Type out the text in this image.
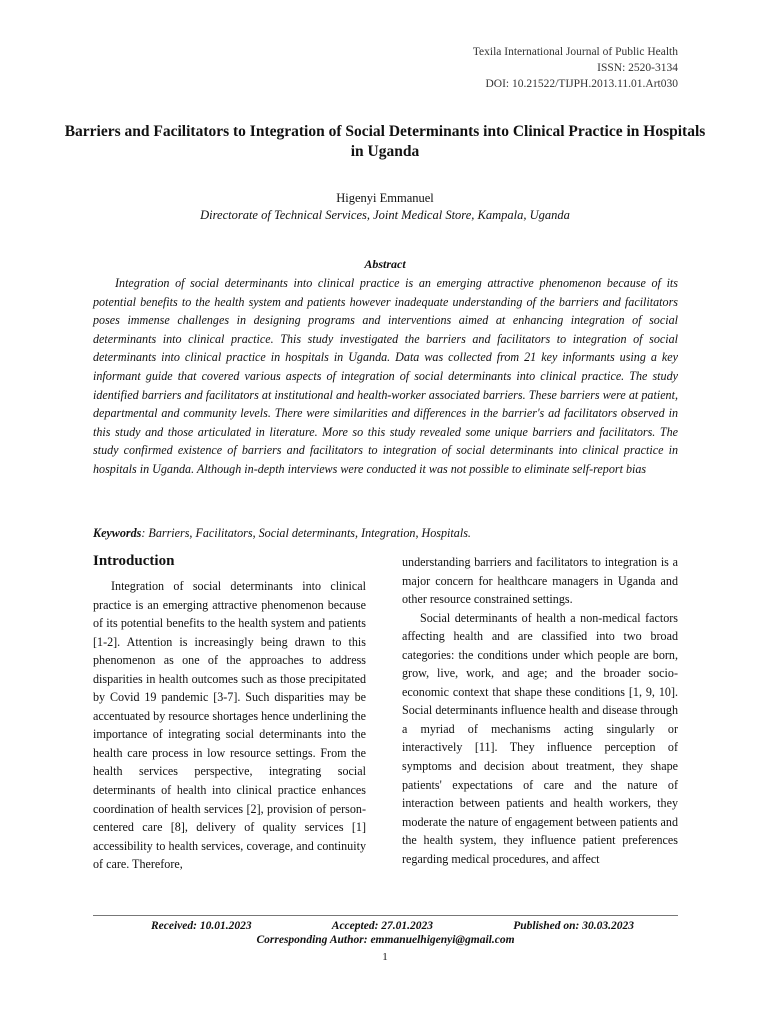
Texila International Journal of Public Health
ISSN: 2520-3134
DOI: 10.21522/TIJPH.2013.11.01.Art030
Barriers and Facilitators to Integration of Social Determinants into Clinical Practice in Hospitals in Uganda
Higenyi Emmanuel
Directorate of Technical Services, Joint Medical Store, Kampala, Uganda
Abstract

Integration of social determinants into clinical practice is an emerging attractive phenomenon because of its potential benefits to the health system and patients however inadequate understanding of the barriers and facilitators poses immense challenges in designing programs and interventions aimed at enhancing integration of social determinants into clinical practice. This study investigated the barriers and facilitators to integration of social determinants into clinical practice in hospitals in Uganda. Data was collected from 21 key informants using a key informant guide that covered various aspects of integration of social determinants into clinical practice. The study identified barriers and facilitators at institutional and health-worker associated barriers. These barriers were at patient, departmental and community levels. There were similarities and differences in the barrier's ad facilitators observed in this study and those articulated in literature. More so this study revealed some unique barriers and facilitators. The study confirmed existence of barriers and facilitators to integration of social determinants into clinical practice in hospitals in Uganda. Although in-depth interviews were conducted it was not possible to eliminate self-report bias

Keywords: Barriers, Facilitators, Social determinants, Integration, Hospitals.
Introduction

Integration of social determinants into clinical practice is an emerging attractive phenomenon because of its potential benefits to the health system and patients [1-2]. Attention is increasingly being drawn to this phenomenon as one of the approaches to address disparities in health outcomes such as those precipitated by Covid 19 pandemic [3-7]. Such disparities may be accentuated by resource shortages hence underlining the importance of integrating social determinants into the health care process in low resource settings. From the health services perspective, integrating social determinants of health into clinical practice enhances coordination of health services [2], provision of person-centered care [8], delivery of quality services [1] accessibility to health services, coverage, and continuity of care. Therefore,

understanding barriers and facilitators to integration is a major concern for healthcare managers in Uganda and other resource constrained settings.

Social determinants of health a non-medical factors affecting health and are classified into two broad categories: the conditions under which people are born, grow, live, work, and age; and the broader socio-economic context that shape these conditions [1, 9, 10]. Social determinants influence health and disease through a myriad of mechanisms acting singularly or interactively [11]. They influence perception of symptoms and decision about treatment, they shape patients' expectations of care and the nature of interaction between patients and health workers, they moderate the nature of engagement between patients and the health system, they influence patient preferences regarding medical procedures, and affect

Received: 10.01.2023	Accepted: 27.01.2023	Published on: 30.03.2023
Corresponding Author: emmanuelhigenyi@gmail.com
1
